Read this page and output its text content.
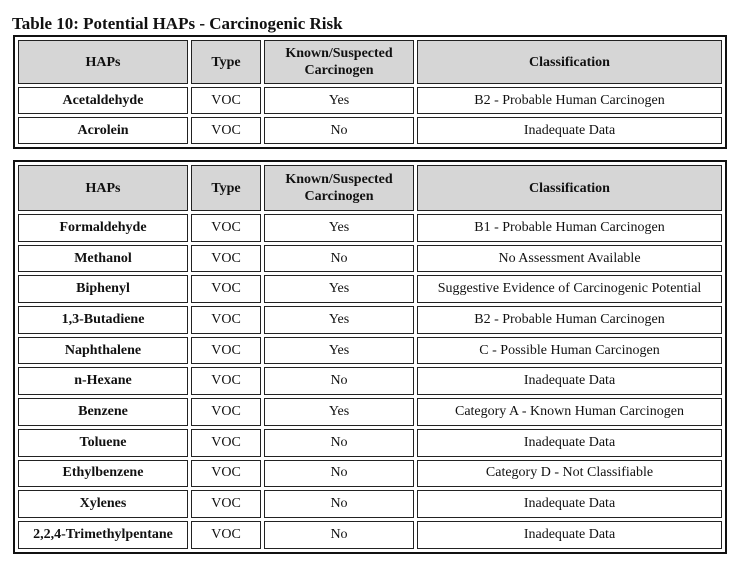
Table 10: Potential HAPs - Carcinogenic Risk
HAPs	Type	Known/Suspected Carcinogen	Classification
Acetaldehyde	VOC	Yes	B2 - Probable Human Carcinogen
Acrolein	VOC	No	Inadequate Data
HAPs	Type	Known/Suspected Carcinogen	Classification
Formaldehyde	VOC	Yes	B1 - Probable Human Carcinogen
Methanol	VOC	No	No Assessment Available
Biphenyl	VOC	Yes	Suggestive Evidence of Carcinogenic Potential
1,3-Butadiene	VOC	Yes	B2 - Probable Human Carcinogen
Naphthalene	VOC	Yes	C - Possible Human Carcinogen
n-Hexane	VOC	No	Inadequate Data
Benzene	VOC	Yes	Category A - Known Human Carcinogen
Toluene	VOC	No	Inadequate Data
Ethylbenzene	VOC	No	Category D - Not Classifiable
Xylenes	VOC	No	Inadequate Data
2,2,4-Trimethylpentane	VOC	No	Inadequate Data
